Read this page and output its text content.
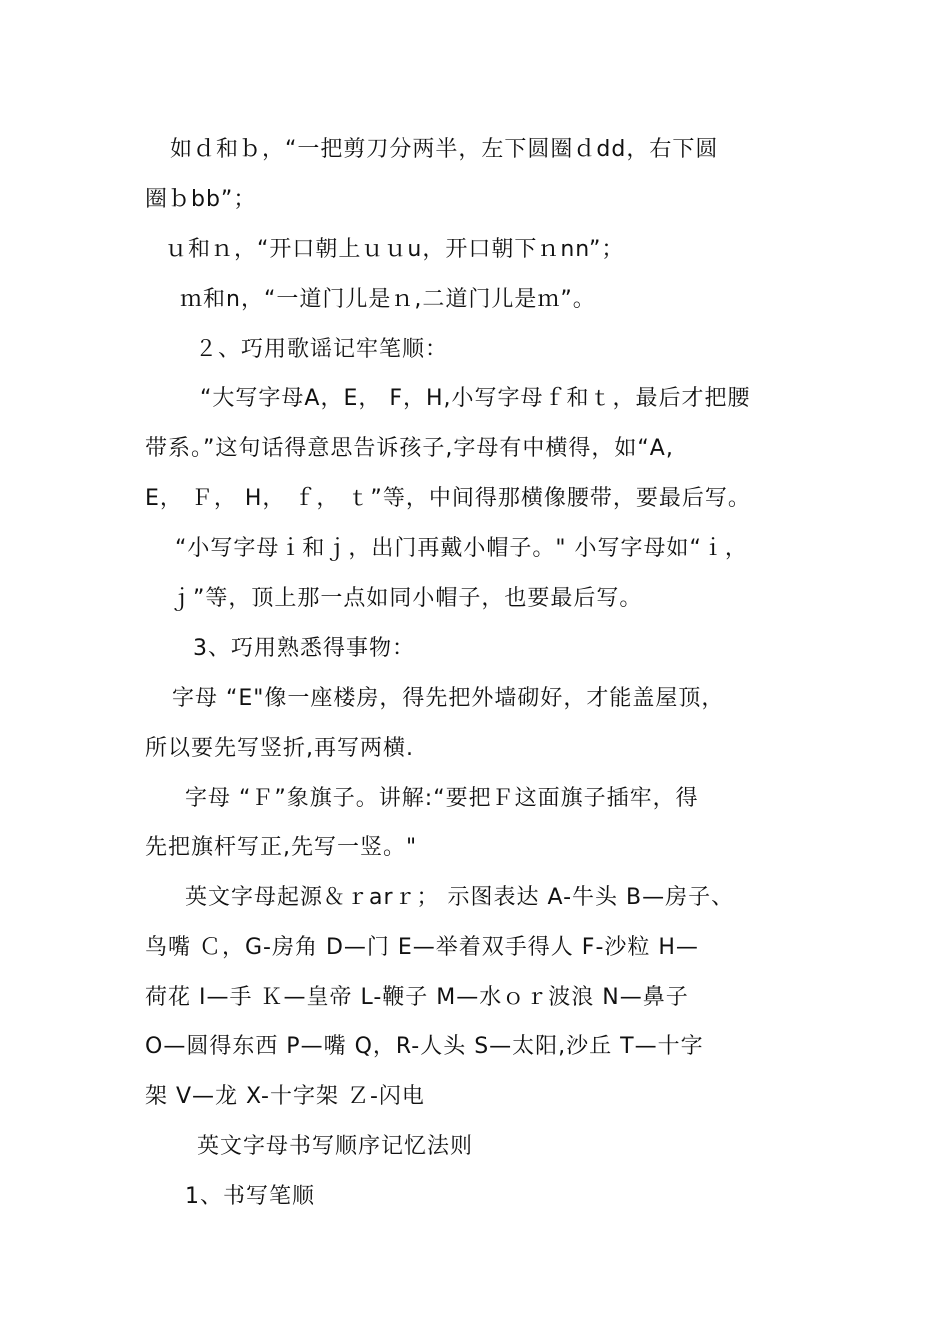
如ｄ和ｂ，“一把剪刀分两半，左下圆圈ｄdd，右下圆
圈ｂbb”；
ｕ和ｎ，“开口朝上ｕｕu，开口朝下ｎnn”；
ｍ和n，“一道门儿是ｎ,二道门儿是ｍ”。
２、巧用歌谣记牢笔顺：
“大写字母A，E， F，H,小写字母ｆ和ｔ，最后才把腰
带系。”这句话得意思告诉孩子,字母有中横得，如“A,
E， Ｆ， H， ｆ， ｔ”等，中间得那横像腰带，要最后写。
“小写字母ｉ和ｊ，出门再戴小帽子。" 小写字母如“ｉ，
ｊ”等，顶上那一点如同小帽子，也要最后写。
3、巧用熟悉得事物：
字母 “E"像一座楼房，得先把外墙砌好，才能盖屋顶，
所以要先写竖折,再写两横.
字母 “Ｆ”象旗子。讲解:“要把Ｆ这面旗子插牢，得
先把旗杆写正,先写一竖。"
英文字母起源＆ｒarｒ； 示图表达 A-牛头 B—房子、
鸟嘴 Ｃ，G-房角 D—门 E—举着双手得人 F-沙粒 H—
荷花 I—手 Ｋ—皇帝 L-鞭子 M—水ｏｒ波浪 N—鼻子
O—圆得东西 P—嘴 Q，R-人头 S—太阳,沙丘 T—十字
架 V—龙 X-十字架 Ｚ-闪电
英文字母书写顺序记忆法则
1、书写笔顺
